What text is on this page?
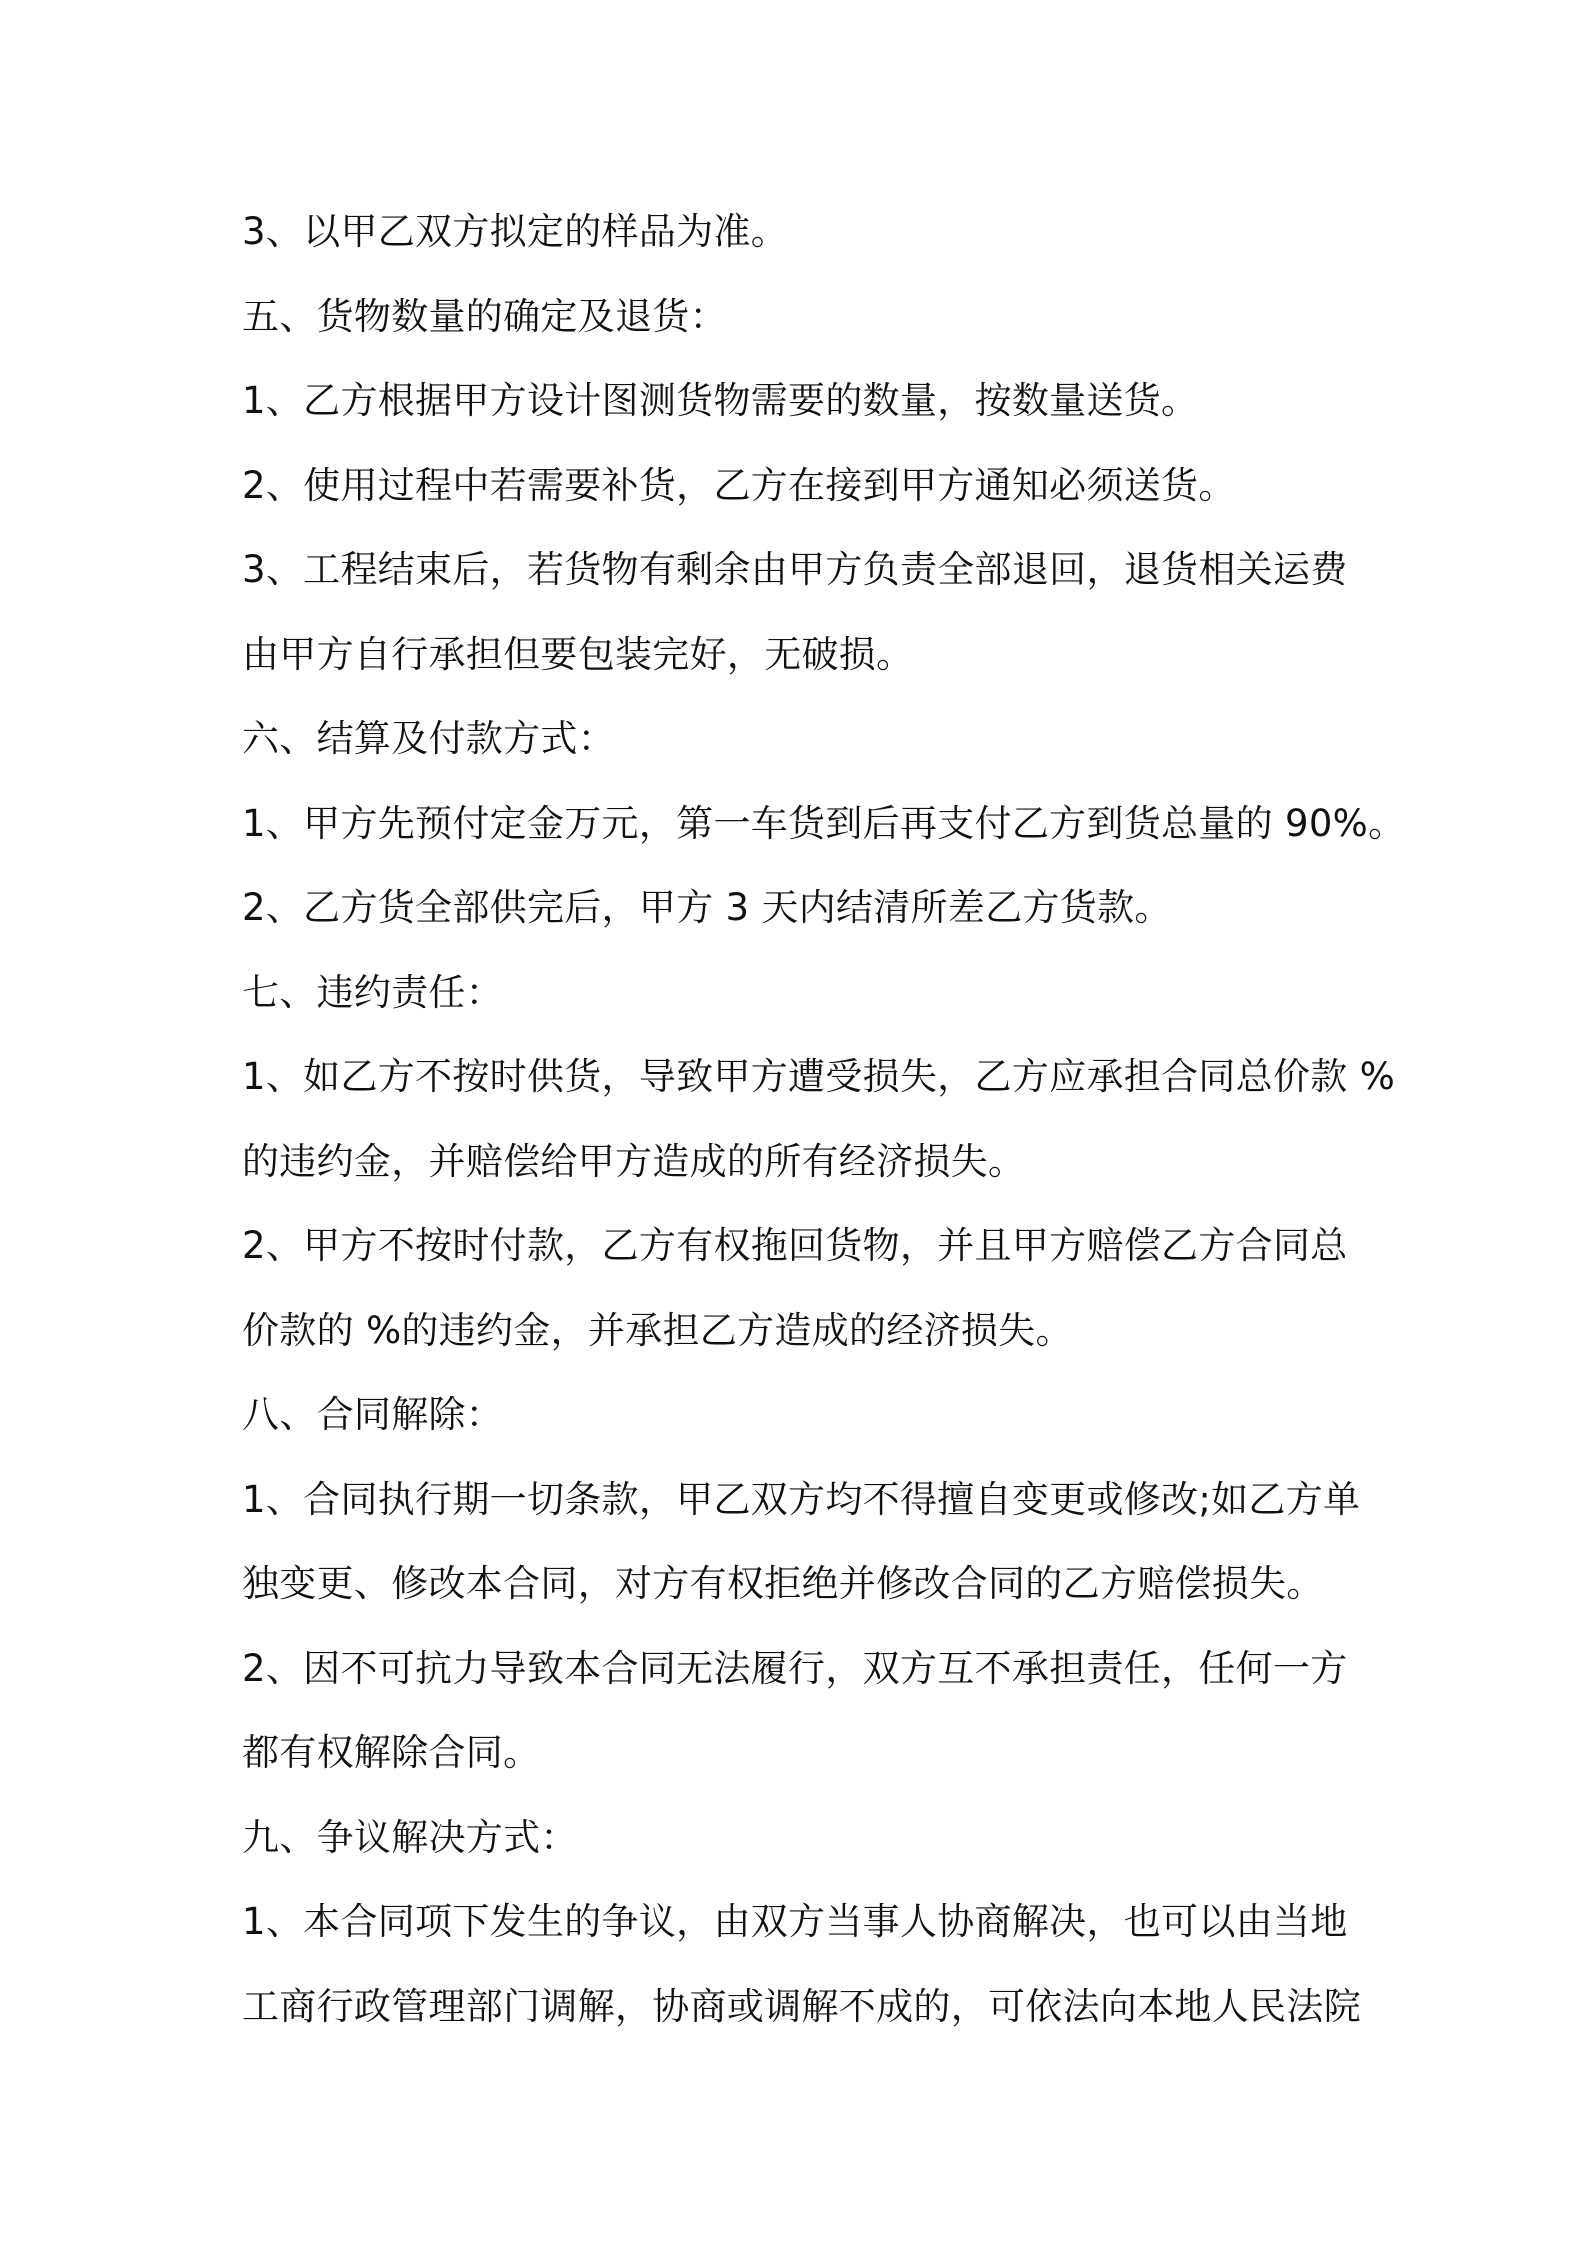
3、以甲乙双方拟定的样品为准。
五、货物数量的确定及退货：
1、乙方根据甲方设计图测货物需要的数量，按数量送货。
2、使用过程中若需要补货，乙方在接到甲方通知必须送货。
3、工程结束后，若货物有剩余由甲方负责全部退回，退货相关运费
由甲方自行承担但要包装完好，无破损。
六、结算及付款方式：
1、甲方先预付定金万元，第一车货到后再支付乙方到货总量的 90%。
2、乙方货全部供完后，甲方 3 天内结清所差乙方货款。
七、违约责任：
1、如乙方不按时供货，导致甲方遭受损失，乙方应承担合同总价款 %
的违约金，并赔偿给甲方造成的所有经济损失。
2、甲方不按时付款，乙方有权拖回货物，并且甲方赔偿乙方合同总
价款的 %的违约金，并承担乙方造成的经济损失。
八、合同解除：
1、合同执行期一切条款，甲乙双方均不得擅自变更或修改;如乙方单
独变更、修改本合同，对方有权拒绝并修改合同的乙方赔偿损失。
2、因不可抗力导致本合同无法履行，双方互不承担责任，任何一方
都有权解除合同。
九、争议解决方式：
1、本合同项下发生的争议，由双方当事人协商解决，也可以由当地
工商行政管理部门调解，协商或调解不成的，可依法向本地人民法院
